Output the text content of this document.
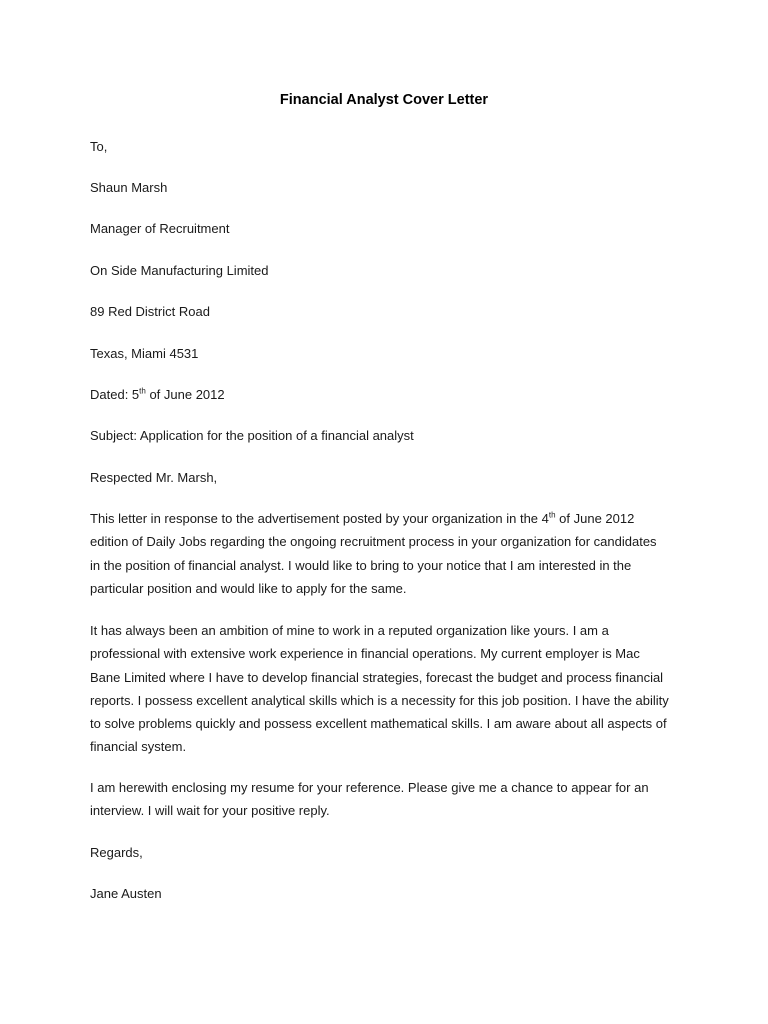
Financial Analyst Cover Letter
To,
Shaun Marsh
Manager of Recruitment
On Side Manufacturing Limited
89 Red District Road
Texas, Miami 4531
Dated: 5th of June 2012
Subject: Application for the position of a financial analyst
Respected Mr. Marsh,
This letter in response to the advertisement posted by your organization in the 4th of June 2012
edition of Daily Jobs regarding the ongoing recruitment process in your organization for candidates
in the position of financial analyst. I would like to bring to your notice that I am interested in the
particular position and would like to apply for the same.
It has always been an ambition of mine to work in a reputed organization like yours. I am a
professional with extensive work experience in financial operations. My current employer is Mac
Bane Limited where I have to develop financial strategies, forecast the budget and process financial
reports. I possess excellent analytical skills which is a necessity for this job position. I have the ability
to solve problems quickly and possess excellent mathematical skills. I am aware about all aspects of
financial system.
I am herewith enclosing my resume for your reference. Please give me a chance to appear for an
interview. I will wait for your positive reply.
Regards,
Jane Austen
